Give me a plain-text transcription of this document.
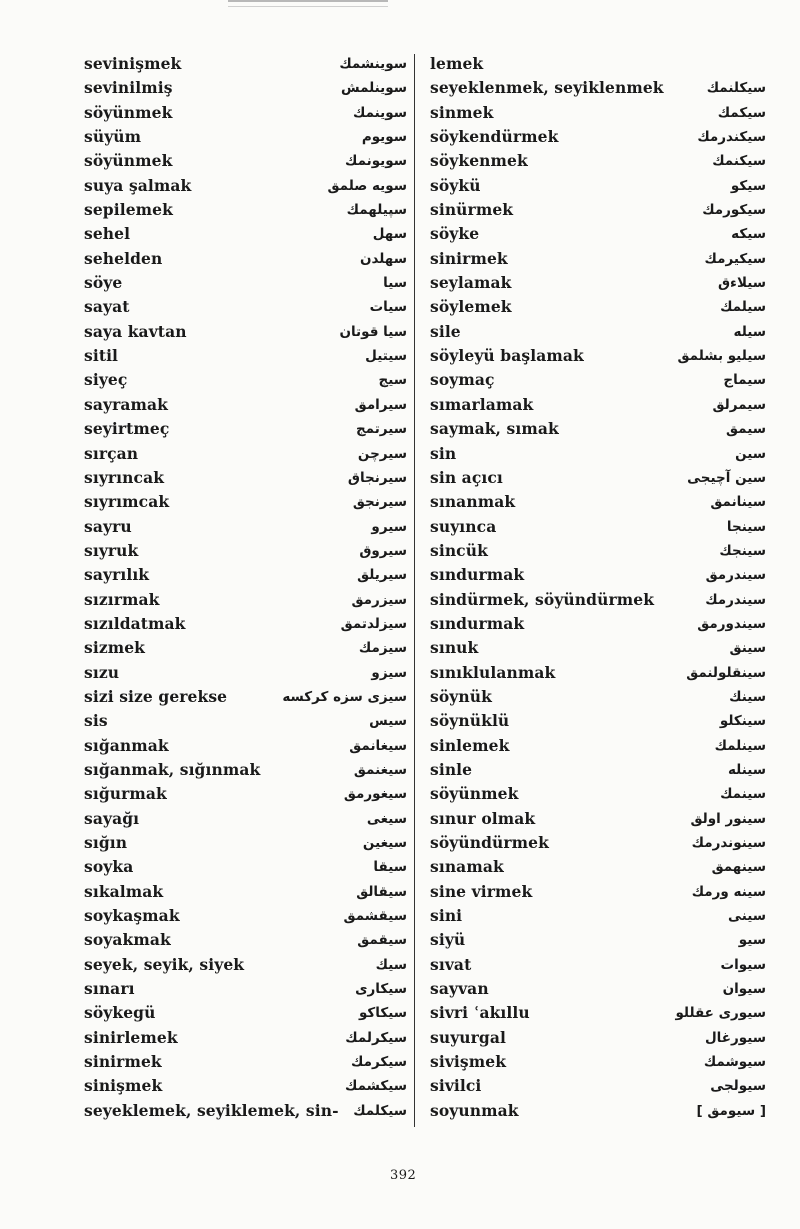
sevinişmek	سوينشمك
sevinilmiş	سوينلمش
söyünmek	سوينمك
süyüm	سويوم
söyünmek	سويونمك
suya şalmak	سويه صلمق
sepilemek	سپيلهمك
sehel	سهل
sehelden	سهلدن
söye	سيا
sayat	سيات
saya kavtan	سيا قوتان
sitil	سيتيل
siyeç	سيج
sayramak	سيرامق
seyirtmeç	سيرتمج
sırçan	سيرچن
sıyrıncak	سيرنجاق
sıyrımcak	سيرنجق
sayru	سيرو
sıyruk	سيروق
sayrılık	سيريلق
sızırmak	سيزرمق
sızıldatmak	سيزلدتمق
sizmek	سيزمك
sızu	سيزو
sizi size gerekse	سيزى سزه كركسه
sis	سيس
sığanmak	سيغانمق
sığanmak, sığınmak	سيغنمق
sığurmak	سيغورمق
sayağı	سيغى
sığın	سيغين
soyka	سيقا
sıkalmak	سيقالق
soykaşmak	سيقشمق
soyakmak	سيقمق
seyek, seyik, siyek	سيك
sınarı	سيكارى
söykegü	سيكاكو
sinirlemek	سيكرلمك
sinirmek	سيكرمك
sinişmek	سيكشمك
seyeklemek, seyiklemek, sin- سيكلمك
lemek
seyeklenmek, seyiklenmek	سيكلنمك
sinmek	سيكمك
söykendürmek	سيكندرمك
söykenmek	سيكنمك
söykü	سيكو
sinürmek	سيكورمك
söyke	سيكه
sinirmek	سيكيرمك
seylamak	سيلاءق
söylemek	سيلمك
sile	سيله
söyleyü başlamak	سيليو بشلمق
soymaç	سيماج
sımarlamak	سيمرلق
saymak, sımak	سيمق
sin	سين
sin açıcı	سين آچيجى
sınanmak	سينانمق
suyınca	سينجا
sincük	سينجك
sındurmak	سيندرمق
sindürmek, söyündürmek	سيندرمك
sındurmak	سيندورمق
sınuk	سينق
sınıklulanmak	سينقلولنمق
söynük	سينك
söynüklü	سينكلو
sinlemek	سينلمك
sinle	سينله
söyünmek	سينمك
sınur olmak	سينور اولق
söyündürmek	سينوندرمك
sınamak	سينهمق
sine virmek	سينه ورمك
sini	سينى
siyü	سيو
sıvat	سيوات
sayvan	سيوان
sivri ʿakıllu	سيورى عقللو
suyurgal	سيورغال
sivişmek	سيوشمك
sivilci	سيولجى
soyunmak	[ سيومق ]
392
